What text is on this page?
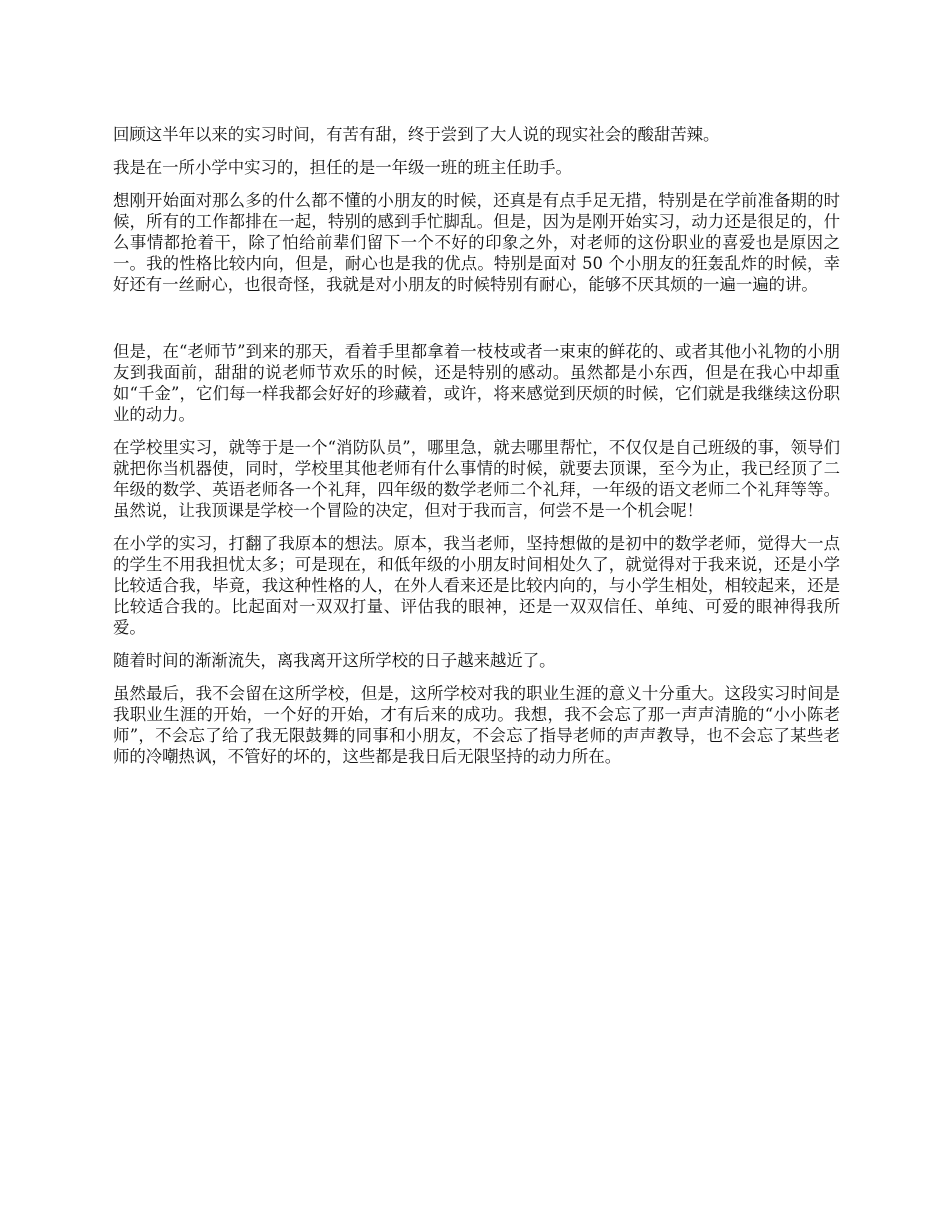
回顾这半年以来的实习时间，有苦有甜，终于尝到了大人说的现实社会的酸甜苦辣。

我是在一所小学中实习的，担任的是一年级一班的班主任助手。

想刚开始面对那么多的什么都不懂的小朋友的时候，还真是有点手足无措，特别是在学前准备期的时候，所有的工作都排在一起，特别的感到手忙脚乱。但是，因为是刚开始实习，动力还是很足的，什么事情都抢着干，除了怕给前辈们留下一个不好的印象之外，对老师的这份职业的喜爱也是原因之一。我的性格比较内向，但是，耐心也是我的优点。特别是面对 50 个小朋友的狂轰乱炸的时候，幸好还有一丝耐心，也很奇怪，我就是对小朋友的时候特别有耐心，能够不厌其烦的一遍一遍的讲。

但是，在“老师节”到来的那天，看着手里都拿着一枝枝或者一束束的鲜花的、或者其他小礼物的小朋友到我面前，甜甜的说老师节欢乐的时候，还是特别的感动。虽然都是小东西，但是在我心中却重如“千金”，它们每一样我都会好好的珍藏着，或许，将来感觉到厌烦的时候，它们就是我继续这份职业的动力。

在学校里实习，就等于是一个“消防队员”，哪里急，就去哪里帮忙，不仅仅是自己班级的事，领导们就把你当机器使，同时，学校里其他老师有什么事情的时候，就要去顶课，至今为止，我已经顶了二年级的数学、英语老师各一个礼拜，四年级的数学老师二个礼拜，一年级的语文老师二个礼拜等等。虽然说，让我顶课是学校一个冒险的决定，但对于我而言，何尝不是一个机会呢！

在小学的实习，打翻了我原本的想法。原本，我当老师，坚持想做的是初中的数学老师，觉得大一点的学生不用我担忧太多；可是现在，和低年级的小朋友时间相处久了，就觉得对于我来说，还是小学比较适合我，毕竟，我这种性格的人，在外人看来还是比较内向的，与小学生相处，相较起来，还是比较适合我的。比起面对一双双打量、评估我的眼神，还是一双双信任、单纯、可爱的眼神得我所爱。

随着时间的渐渐流失，离我离开这所学校的日子越来越近了。

虽然最后，我不会留在这所学校，但是，这所学校对我的职业生涯的意义十分重大。这段实习时间是我职业生涯的开始，一个好的开始，才有后来的成功。我想，我不会忘了那一声声清脆的“小小陈老师”，不会忘了给了我无限鼓舞的同事和小朋友，不会忘了指导老师的声声教导，也不会忘了某些老师的冷嘲热讽，不管好的坏的，这些都是我日后无限坚持的动力所在。
